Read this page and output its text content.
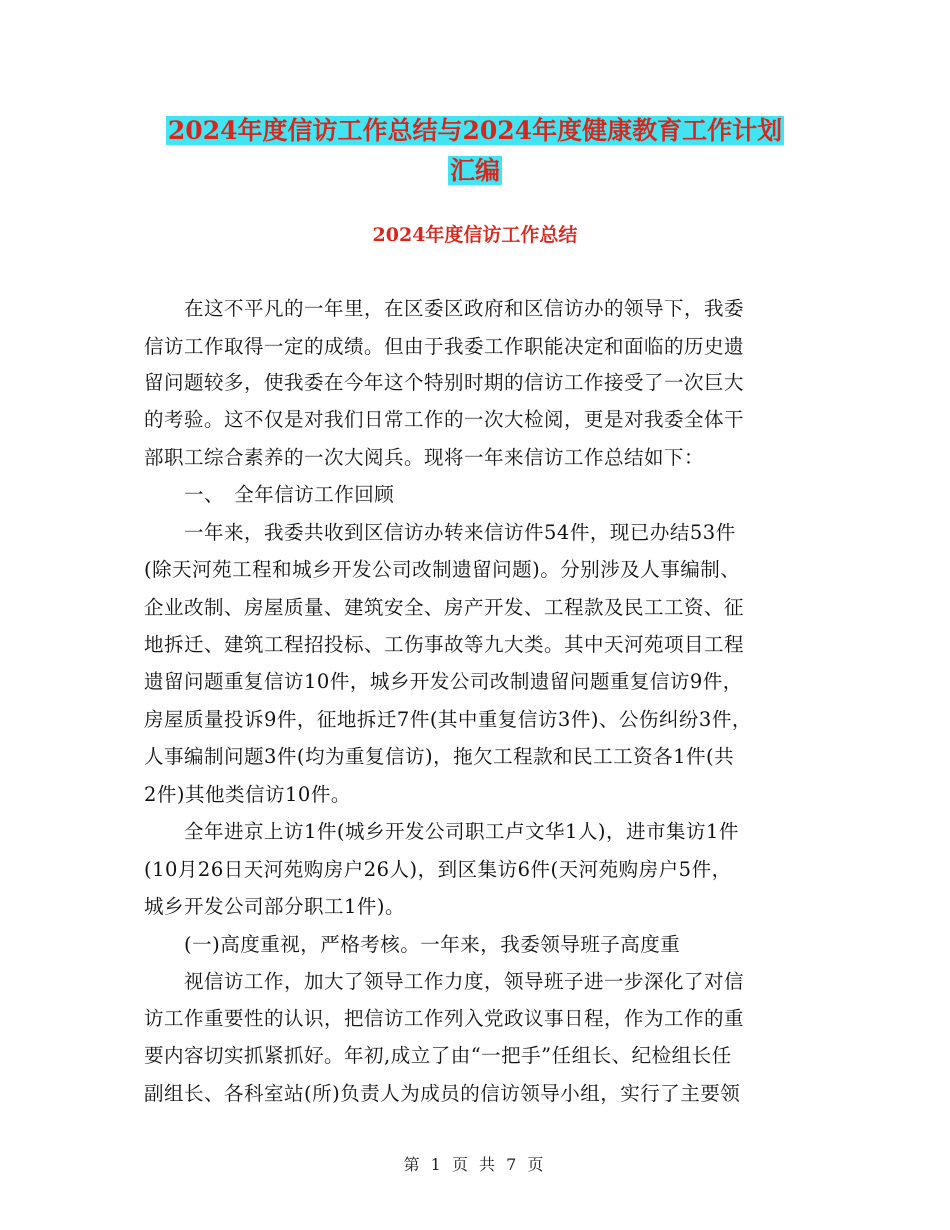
2024年度信访工作总结与2024年度健康教育工作计划
汇编
2024年度信访工作总结
　　在这不平凡的一年里，在区委区政府和区信访办的领导下，我委
信访工作取得一定的成绩。但由于我委工作职能决定和面临的历史遗
留问题较多，使我委在今年这个特别时期的信访工作接受了一次巨大
的考验。这不仅是对我们日常工作的一次大检阅，更是对我委全体干
部职工综合素养的一次大阅兵。现将一年来信访工作总结如下：
　　一、　全年信访工作回顾
　　一年来，我委共收到区信访办转来信访件54件，现已办结53件
(除天河苑工程和城乡开发公司改制遗留问题)。分别涉及人事编制、
企业改制、房屋质量、建筑安全、房产开发、工程款及民工工资、征
地拆迁、建筑工程招投标、工伤事故等九大类。其中天河苑项目工程
遗留问题重复信访10件，城乡开发公司改制遗留问题重复信访9件，
房屋质量投诉9件，征地拆迁7件(其中重复信访3件)、公伤纠纷3件，
人事编制问题3件(均为重复信访)，拖欠工程款和民工工资各1件(共
2件)其他类信访10件。
　　全年进京上访1件(城乡开发公司职工卢文华1人)，进市集访1件
(10月26日天河苑购房户26人)，到区集访6件(天河苑购房户5件，
城乡开发公司部分职工1件)。
　　(一)高度重视，严格考核。一年来，我委领导班子高度重
　　视信访工作，加大了领导工作力度，领导班子进一步深化了对信
访工作重要性的认识，把信访工作列入党政议事日程，作为工作的重
要内容切实抓紧抓好。年初,成立了由“一把手”任组长、纪检组长任
副组长、各科室站(所)负责人为成员的信访领导小组，实行了主要领
第 1 页 共 7 页
